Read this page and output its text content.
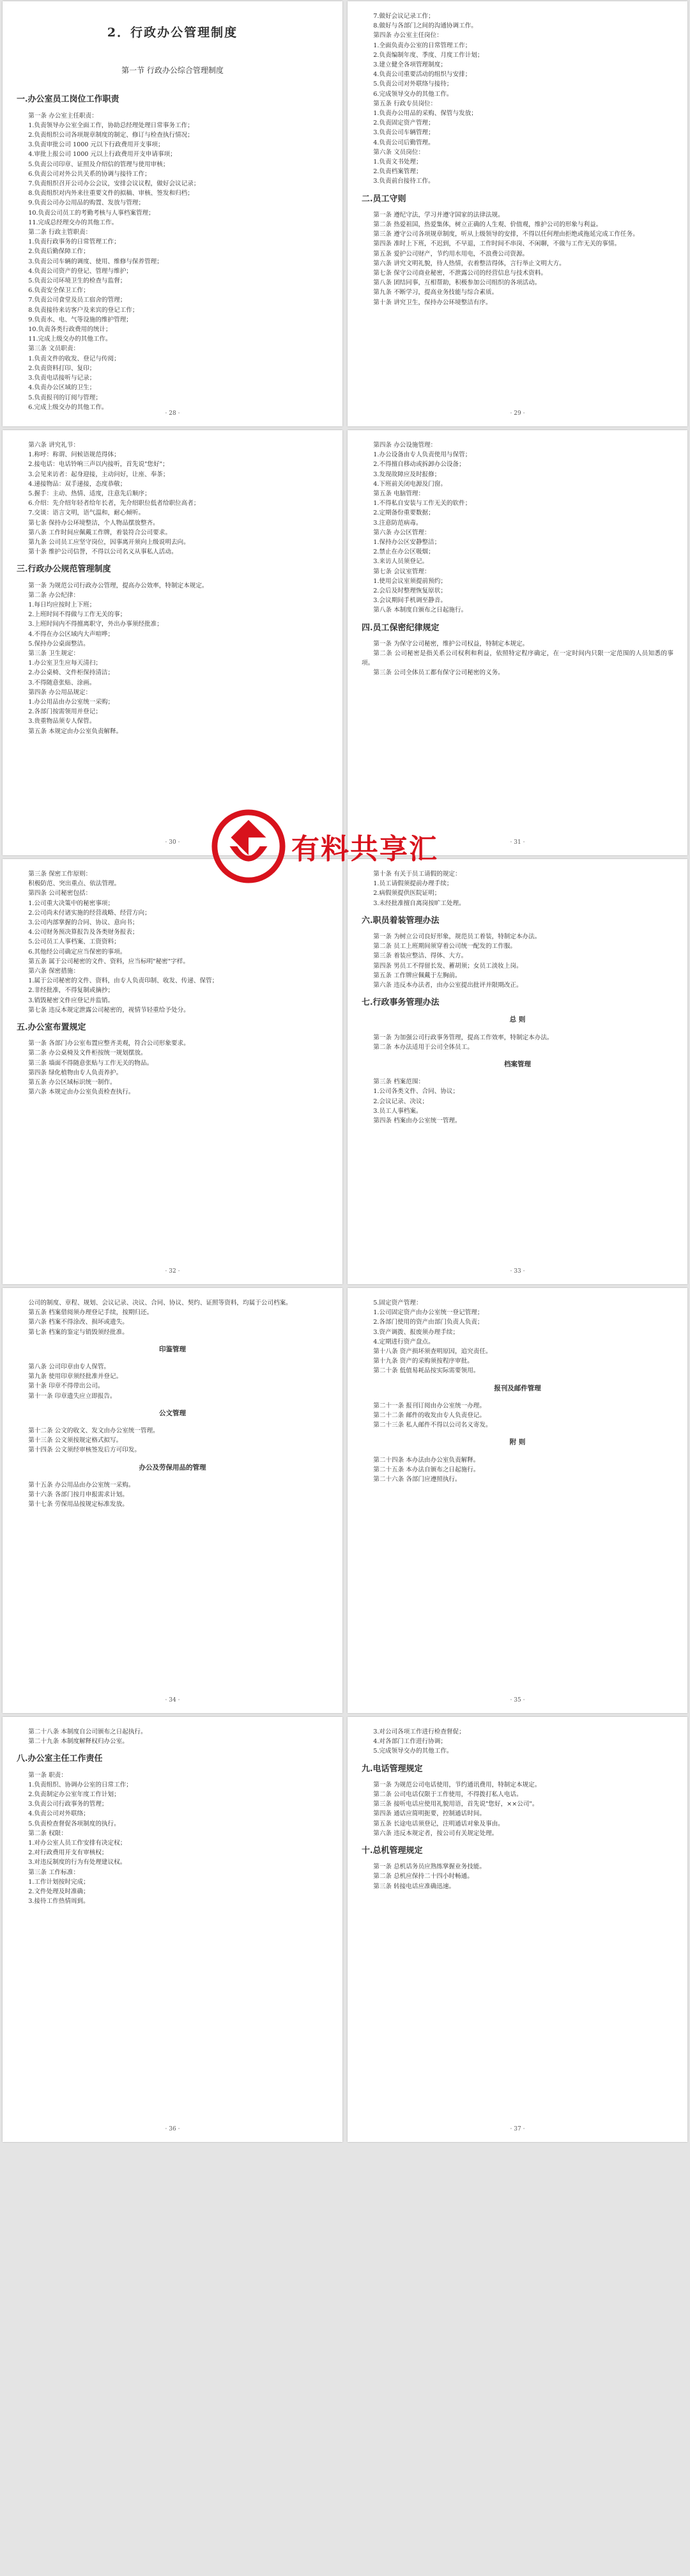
2．行政办公管理制度
第一节 行政办公综合管理制度
一.办公室员工岗位工作职责

第一条 办公室主任职责：

1.负责领导办公室全面工作，协助总经理处理日常事务工作；

2.负责组织公司各项规章制度的制定、修订与检查执行情况；

3.负责审批公司 1000 元以下行政费用开支事项；

4.审批上报公司 1000 元以上行政费用开支申请事项；

5.负责公司印章、证照及介绍信的管理与使用审核；

6.负责公司对外公共关系的协调与接待工作；

7.负责组织召开公司办公会议，安排会议议程，做好会议记录；

8.负责组织对内外来往重要文件的拟稿、审核、签发和归档；

9.负责公司办公用品的购置、发放与管理；

10.负责公司员工的考勤考核与人事档案管理；

11.完成总经理交办的其他工作。

第二条 行政主管职责：

1.负责行政事务的日常管理工作；

2.负责后勤保障工作；

3.负责公司车辆的调度、使用、维修与保养管理；

4.负责公司资产的登记、管理与维护；

5.负责公司环境卫生的检查与监督；

6.负责安全保卫工作；

7.负责公司食堂及员工宿舍的管理；

8.负责接待来访客户及来宾的登记工作；

9.负责水、电、气等设施的维护管理；

10.负责各类行政费用的统计；

11.完成上级交办的其他工作。

第三条 文员职责：

1.负责文件的收发、登记与传阅；

2.负责资料打印、复印；

3.负责电话接听与记录；

4.负责办公区域的卫生；

5.负责报刊的订阅与管理；

6.完成上级交办的其他工作。

· 28 ·

7.做好会议记录工作；

8.做好与各部门之间的沟通协调工作。

第四条 办公室主任岗位：

1.全面负责办公室的日常管理工作；

2.负责编制年度、季度、月度工作计划；

3.建立健全各项管理制度；

4.负责公司重要活动的组织与安排；

5.负责公司对外联络与接待；

6.完成领导交办的其他工作。

第五条 行政专员岗位：

1.负责办公用品的采购、保管与发放；

2.负责固定资产管理；

3.负责公司车辆管理；

4.负责公司后勤管理。

第六条 文员岗位：

1.负责文书处理；

2.负责档案管理；

3.负责前台接待工作。

二.员工守则

第一条 遵纪守法，学习并遵守国家的法律法规。

第二条 热爱祖国，热爱集体，树立正确的人生观、价值观，维护公司的形象与利益。

第三条 遵守公司各项规章制度，听从上级领导的安排，不得以任何理由拒绝或拖延完成工作任务。

第四条 准时上下班，不迟到，不早退，工作时间不串岗、不闲聊，不做与工作无关的事情。

第五条 爱护公司财产，节约用水用电，不浪费公司资源。

第六条 讲究文明礼貌，待人热情，衣着整洁得体，言行举止文明大方。

第七条 保守公司商业秘密，不泄露公司的经营信息与技术资料。

第八条 团结同事，互相帮助，积极参加公司组织的各项活动。

第九条 不断学习，提高业务技能与综合素质。

第十条 讲究卫生，保持办公环境整洁有序。

· 29 ·

第六条 讲究礼节：

1.称呼：称谓、问候语规范得体；

2.接电话：电话铃响三声以内接听，首先说"您好"；

3.会见来访者：起身迎接，主动问好，让座、奉茶；

4.递接物品：双手递接，态度恭敬；

5.握手：主动、热情、适度，注意先后顺序；

6.介绍：先介绍年轻者给年长者，先介绍职位低者给职位高者；

7.交谈：语言文明，语气温和，耐心倾听。

第七条 保持办公环境整洁，个人物品摆放整齐。

第八条 工作时间应佩戴工作牌，着装符合公司要求。

第九条 公司员工应坚守岗位，因事离开须向上级说明去向。

第十条 维护公司信誉，不得以公司名义从事私人活动。

三.行政办公规范管理制度

第一条 为规范公司行政办公管理，提高办公效率，特制定本规定。

第二条 办公纪律：

1.每日均应按时上下班；

2.上班时间不得做与工作无关的事；

3.上班时间内不得擅离职守，外出办事须经批准；

4.不得在办公区域内大声喧哗；

5.保持办公桌面整洁。

第三条 卫生规定：

1.办公室卫生应每天清扫；

2.办公桌椅、文件柜保持清洁；

3.不得随意张贴、涂画。

第四条 办公用品规定：

1.办公用品由办公室统一采购；

2.各部门按需领用并登记；

3.贵重物品须专人保管。

第五条 本规定由办公室负责解释。

· 30 ·

第四条 办公设施管理：

1.办公设备由专人负责使用与保管；

2.不得擅自移动或拆卸办公设备；

3.发现故障应及时报修；

4.下班前关闭电源及门窗。

第五条 电脑管理：

1.不得私自安装与工作无关的软件；

2.定期备份重要数据；

3.注意防范病毒。

第六条 办公区管理：

1.保持办公区安静整洁；

2.禁止在办公区吸烟；

3.来访人员须登记。

第七条 会议室管理：

1.使用会议室须提前预约；

2.会后及时整理恢复原状；

3.会议期间手机调至静音。

第八条 本制度自颁布之日起施行。

四.员工保密纪律规定

第一条 为保守公司秘密，维护公司权益，特制定本规定。

第二条 公司秘密是指关系公司权利和利益，依照特定程序确定，在一定时间内只限一定范围的人员知悉的事项。

第三条 公司全体员工都有保守公司秘密的义务。

· 31 ·

第三条 保密工作原则：

积极防范、突出重点、依法管理。

第四条 公司秘密包括：

1.公司重大决策中的秘密事项；

2.公司尚未付诸实施的经营战略、经营方向；

3.公司内部掌握的合同、协议、意向书；

4.公司财务预决算报告及各类财务报表；

5.公司员工人事档案、工资资料；

6.其他经公司确定应当保密的事项。

第五条 属于公司秘密的文件、资料，应当标明"秘密"字样。

第六条 保密措施：

1.属于公司秘密的文件、资料，由专人负责印制、收发、传递、保管；

2.非经批准，不得复制或摘抄；

3.销毁秘密文件应登记并监销。

第七条 违反本规定泄露公司秘密的，视情节轻重给予处分。

五.办公室布置规定

第一条 各部门办公室布置应整齐美观，符合公司形象要求。

第二条 办公桌椅及文件柜按统一规划摆放。

第三条 墙面不得随意张贴与工作无关的物品。

第四条 绿化植物由专人负责养护。

第五条 办公区域标识统一制作。

第六条 本规定由办公室负责检查执行。

· 32 ·

第十条 有关于员工请假的规定：

1.员工请假须提前办理手续；

2.病假须提供医院证明；

3.未经批准擅自离岗按旷工处理。

六.职员着装管理办法

第一条 为树立公司良好形象，规范员工着装，特制定本办法。

第二条 员工上班期间须穿着公司统一配发的工作服。

第三条 着装应整洁、得体、大方。

第四条 男员工不得留长发、蓄胡须；女员工淡妆上岗。

第五条 工作牌应佩戴于左胸前。

第六条 违反本办法者，由办公室提出批评并限期改正。

七.行政事务管理办法
总 则

第一条 为加强公司行政事务管理，提高工作效率，特制定本办法。

第二条 本办法适用于公司全体员工。

档案管理

第三条 档案范围：

1.公司各类文件、合同、协议；

2.会议记录、决议；

3.员工人事档案。

第四条 档案由办公室统一管理。

· 33 ·

公司的制度、章程、规划、会议记录、决议、合同、协议、契约、证照等资料，均属于公司档案。

第五条 档案借阅须办理登记手续，按期归还。

第六条 档案不得涂改、损坏或遗失。

第七条 档案的鉴定与销毁须经批准。

印鉴管理

第八条 公司印章由专人保管。

第九条 使用印章须经批准并登记。

第十条 印章不得带出公司。

第十一条 印章遗失应立即报告。

公文管理

第十二条 公文的收文、发文由办公室统一管理。

第十三条 公文须按规定格式拟写。

第十四条 公文须经审核签发后方可印发。

办公及劳保用品的管理

第十五条 办公用品由办公室统一采购。

第十六条 各部门按月申报需求计划。

第十七条 劳保用品按规定标准发放。

· 34 ·

5.固定资产管理：

1.公司固定资产由办公室统一登记管理；

2.各部门使用的资产由部门负责人负责；

3.资产调拨、报废须办理手续；

4.定期进行资产盘点。

第十八条 资产损坏须查明原因，追究责任。

第十九条 资产的采购须按程序审批。

第二十条 低值易耗品按实际需要领用。

报刊及邮件管理

第二十一条 报刊订阅由办公室统一办理。

第二十二条 邮件的收发由专人负责登记。

第二十三条 私人邮件不得以公司名义寄发。

附 则

第二十四条 本办法由办公室负责解释。

第二十五条 本办法自颁布之日起施行。

第二十六条 各部门应遵照执行。

· 35 ·

第二十八条 本制度自公司颁布之日起执行。

第二十九条 本制度解释权归办公室。

八.办公室主任工作责任

第一条 职责：

1.负责组织、协调办公室的日常工作；

2.负责制定办公室年度工作计划；

3.负责公司行政事务的管理；

4.负责公司对外联络；

5.负责检查督促各项制度的执行。

第二条 权限：

1.对办公室人员工作安排有决定权；

2.对行政费用开支有审核权；

3.对违反制度的行为有处理建议权。

第三条 工作标准：

1.工作计划按时完成；

2.文件处理及时准确；

3.接待工作热情周到。

· 36 ·

3.对公司各项工作进行检查督促；

4.对各部门工作进行协调；

5.完成领导交办的其他工作。

九.电话管理规定

第一条 为规范公司电话使用，节约通讯费用，特制定本规定。

第二条 公司电话仅限于工作使用，不得拨打私人电话。

第三条 接听电话应使用礼貌用语，首先说"您好，××公司"。

第四条 通话应简明扼要，控制通话时间。

第五条 长途电话须登记，注明通话对象及事由。

第六条 违反本规定者，按公司有关规定处理。

十.总机管理规定

第一条 总机话务员应熟练掌握业务技能。

第二条 总机应保持二十四小时畅通。

第三条 转接电话应准确迅速。

· 37 ·
有料共享汇
